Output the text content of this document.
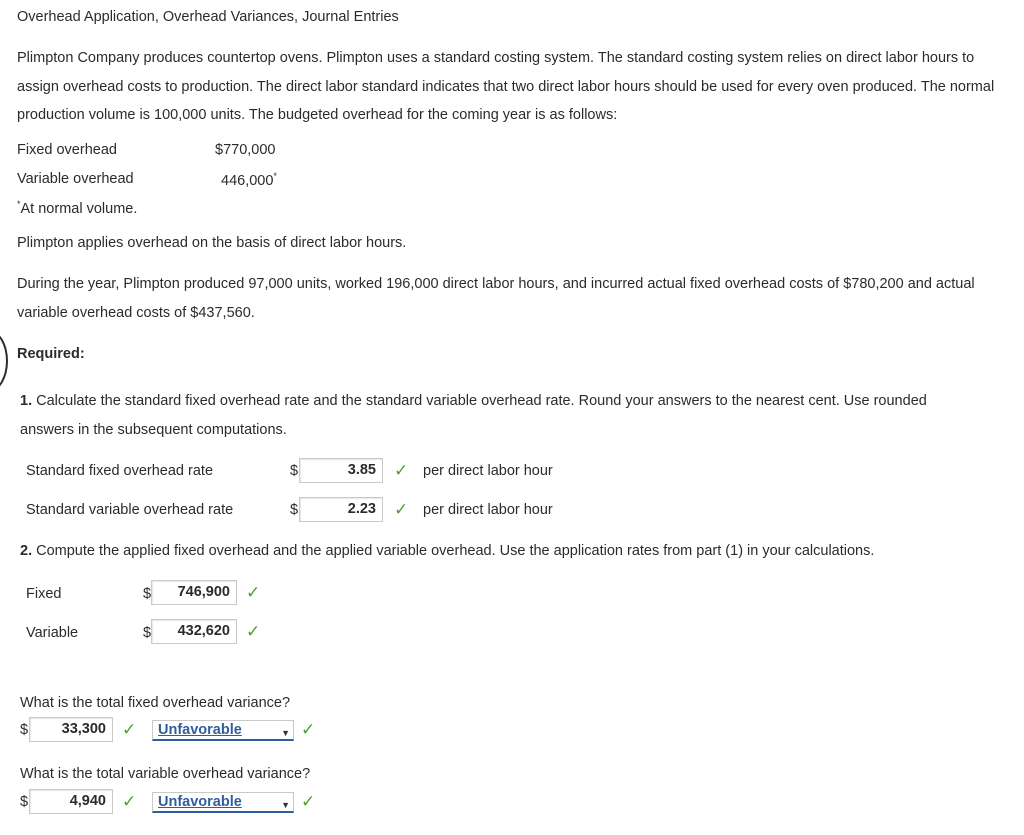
Overhead Application, Overhead Variances, Journal Entries
Plimpton Company produces countertop ovens. Plimpton uses a standard costing system. The standard costing system relies on direct labor hours to assign overhead costs to production. The direct labor standard indicates that two direct labor hours should be used for every oven produced. The normal production volume is 100,000 units. The budgeted overhead for the coming year is as follows:
Fixed overhead	$770,000
Variable overhead	446,000*
*At normal volume.
Plimpton applies overhead on the basis of direct labor hours.
During the year, Plimpton produced 97,000 units, worked 196,000 direct labor hours, and incurred actual fixed overhead costs of $780,200 and actual variable overhead costs of $437,560.
Required:
1. Calculate the standard fixed overhead rate and the standard variable overhead rate. Round your answers to the nearest cent. Use rounded answers in the subsequent computations.
Standard fixed overhead rate	$	3.85	✓ per direct labor hour
Standard variable overhead rate	$	2.23	✓ per direct labor hour
2. Compute the applied fixed overhead and the applied variable overhead. Use the application rates from part (1) in your calculations.
Fixed	$	746,900 ✓
Variable	$	432,620 ✓
What is the total fixed overhead variance?
$	33,300 ✓	Unfavorable	▼ ✓
What is the total variable overhead variance?
$	4,940 ✓	Unfavorable	▼ ✓
